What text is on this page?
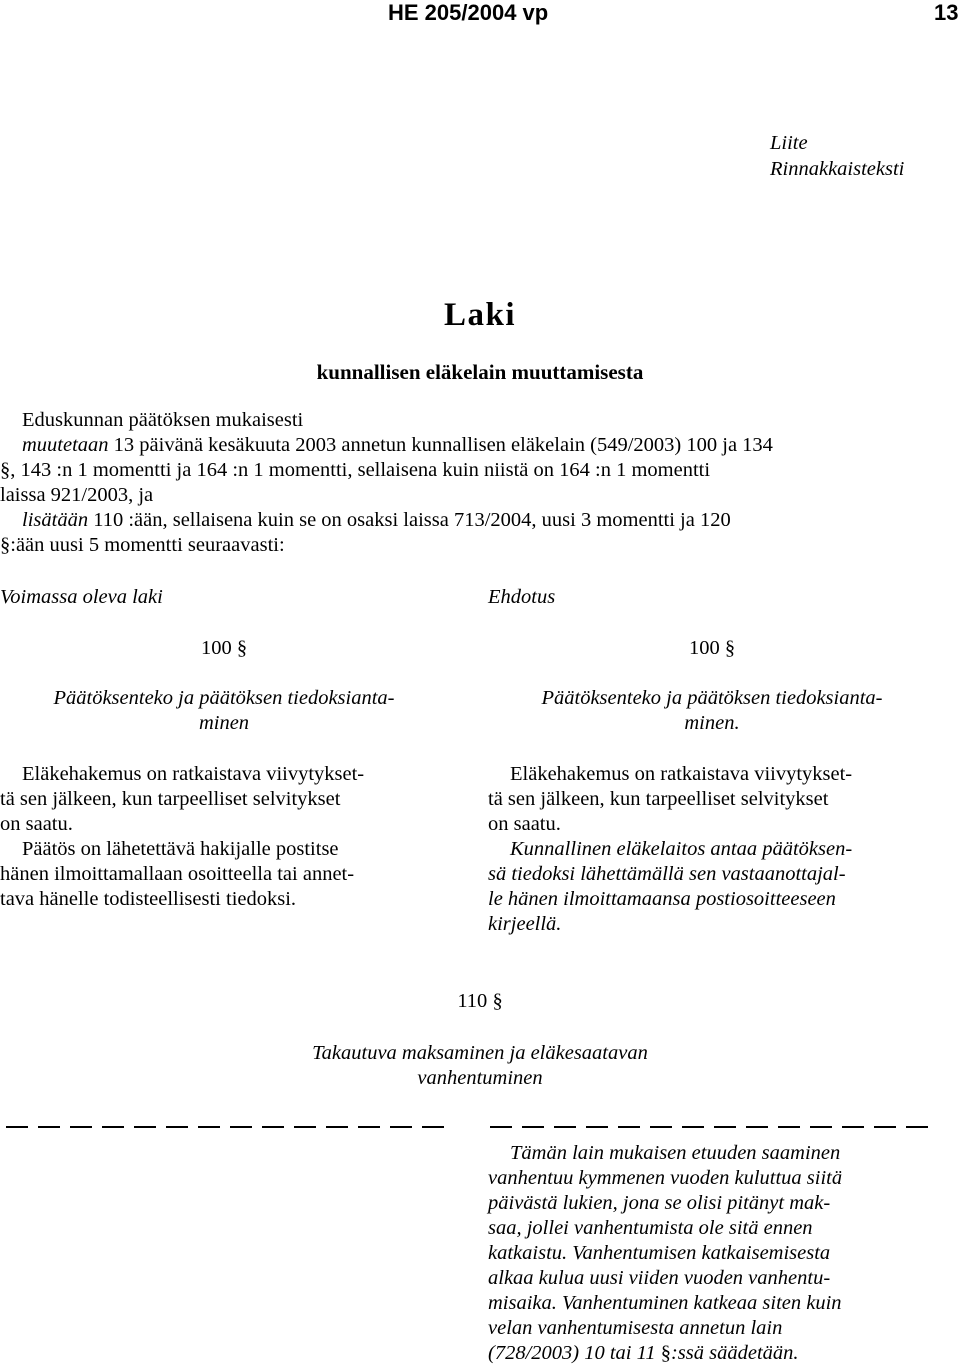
HE 205/2004 vp	13
Liite
Rinnakkaisteksti
Laki
kunnallisen eläkelain muuttamisesta
Eduskunnan päätöksen mukaisesti
muutetaan 13 päivänä kesäkuuta 2003 annetun kunnallisen eläkelain (549/2003) 100 ja 134
§, 143 :n 1 momentti ja 164 :n 1 momentti, sellaisena kuin niistä on 164 :n 1 momentti
laissa 921/2003, ja
lisätään 110 :ään, sellaisena kuin se on osaksi laissa 713/2004, uusi 3 momentti ja 120
§:ään uusi 5 momentti seuraavasti:
Voimassa oleva laki	Ehdotus
100 §
Päätöksenteko ja päätöksen tiedoksianta-
minen
Eläkehakemus on ratkaistava viivytykset-
tä sen jälkeen, kun tarpeelliset selvitykset
on saatu.
Päätös on lähetettävä hakijalle postitse
hänen ilmoittamallaan osoitteella tai annet-
tava hänelle todisteellisesti tiedoksi.
100 §
Päätöksenteko ja päätöksen tiedoksianta-
minen.
Eläkehakemus on ratkaistava viivytykset-
tä sen jälkeen, kun tarpeelliset selvitykset
on saatu.
Kunnallinen eläkelaitos antaa päätöksen-
sä tiedoksi lähettämällä sen vastaanottajal-
le hänen ilmoittamaansa postiosoitteeseen
kirjeellä.
110 §
Takautuva maksaminen ja eläkesaatavan
vanhentuminen
Tämän lain mukaisen etuuden saaminen
vanhentuu kymmenen vuoden kuluttua siitä
päivästä lukien, jona se olisi pitänyt mak-
saa, jollei vanhentumista ole sitä ennen
katkaistu. Vanhentumisen katkaisemisesta
alkaa kulua uusi viiden vuoden vanhentu-
misaika. Vanhentuminen katkeaa siten kuin
velan vanhentumisesta annetun lain
(728/2003) 10 tai 11 §:ssä säädetään.
